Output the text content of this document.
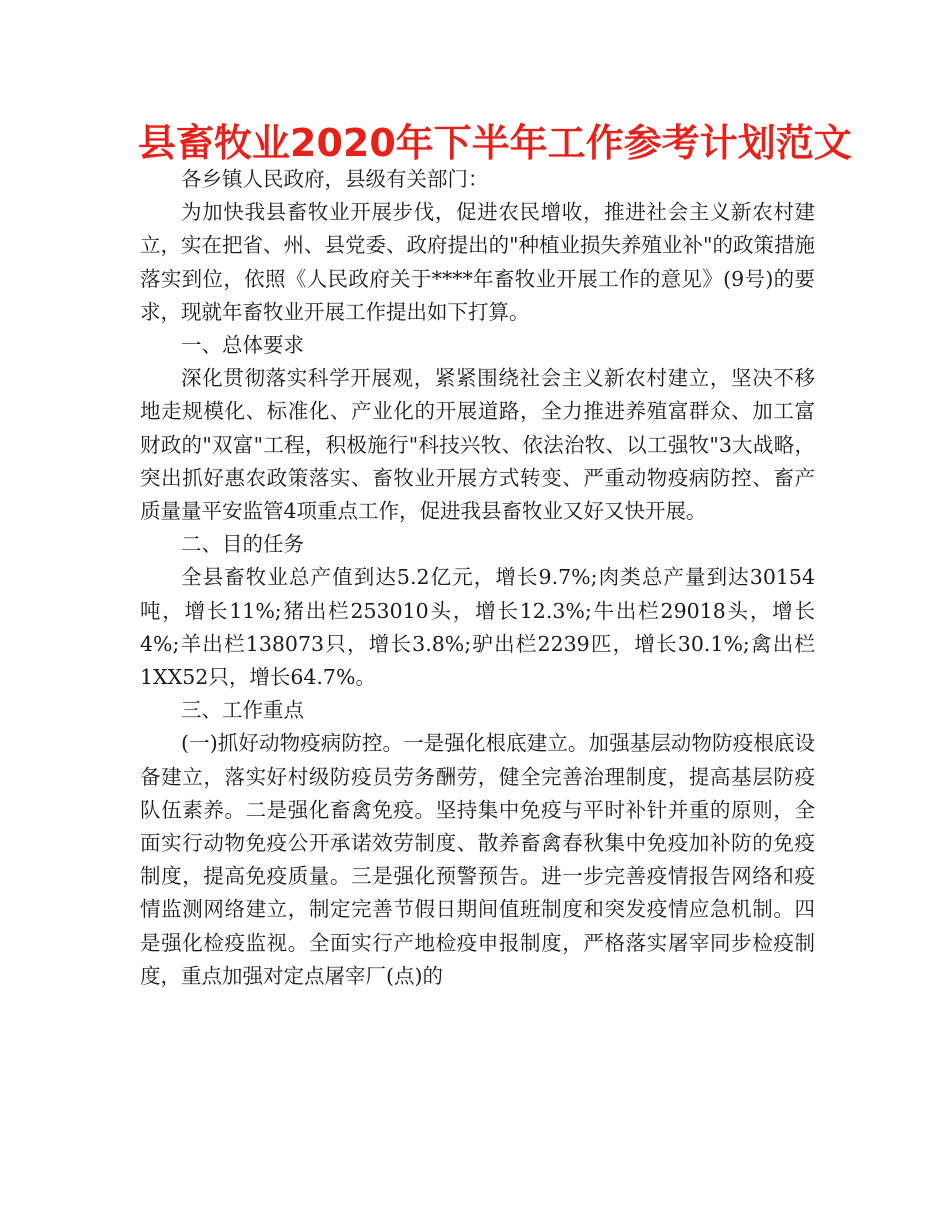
县畜牧业2020年下半年工作参考计划范文

各乡镇人民政府，县级有关部门：

为加快我县畜牧业开展步伐，促进农民增收，推进社会主义新农村建立，实在把省、州、县党委、政府提出的"种植业损失养殖业补"的政策措施落实到位，依照《人民政府关于****年畜牧业开展工作的意见》(9号)的要求，现就年畜牧业开展工作提出如下打算。

一、总体要求

深化贯彻落实科学开展观，紧紧围绕社会主义新农村建立，坚决不移地走规模化、标准化、产业化的开展道路，全力推进养殖富群众、加工富财政的"双富"工程，积极施行"科技兴牧、依法治牧、以工强牧"3大战略，突出抓好惠农政策落实、畜牧业开展方式转变、严重动物疫病防控、畜产质量量平安监管4项重点工作，促进我县畜牧业又好又快开展。

二、目的任务

全县畜牧业总产值到达5.2亿元，增长9.7%;肉类总产量到达30154吨，增长11%;猪出栏253010头，增长12.3%;牛出栏29018头，增长4%;羊出栏138073只，增长3.8%;驴出栏2239匹，增长30.1%;禽出栏1XX52只，增长64.7%。

三、工作重点

(一)抓好动物疫病防控。一是强化根底建立。加强基层动物防疫根底设备建立，落实好村级防疫员劳务酬劳，健全完善治理制度，提高基层防疫队伍素养。二是强化畜禽免疫。坚持集中免疫与平时补针并重的原则，全面实行动物免疫公开承诺效劳制度、散养畜禽春秋集中免疫加补防的免疫制度，提高免疫质量。三是强化预警预告。进一步完善疫情报告网络和疫情监测网络建立，制定完善节假日期间值班制度和突发疫情应急机制。四是强化检疫监视。全面实行产地检疫申报制度，严格落实屠宰同步检疫制度，重点加强对定点屠宰厂(点)的
